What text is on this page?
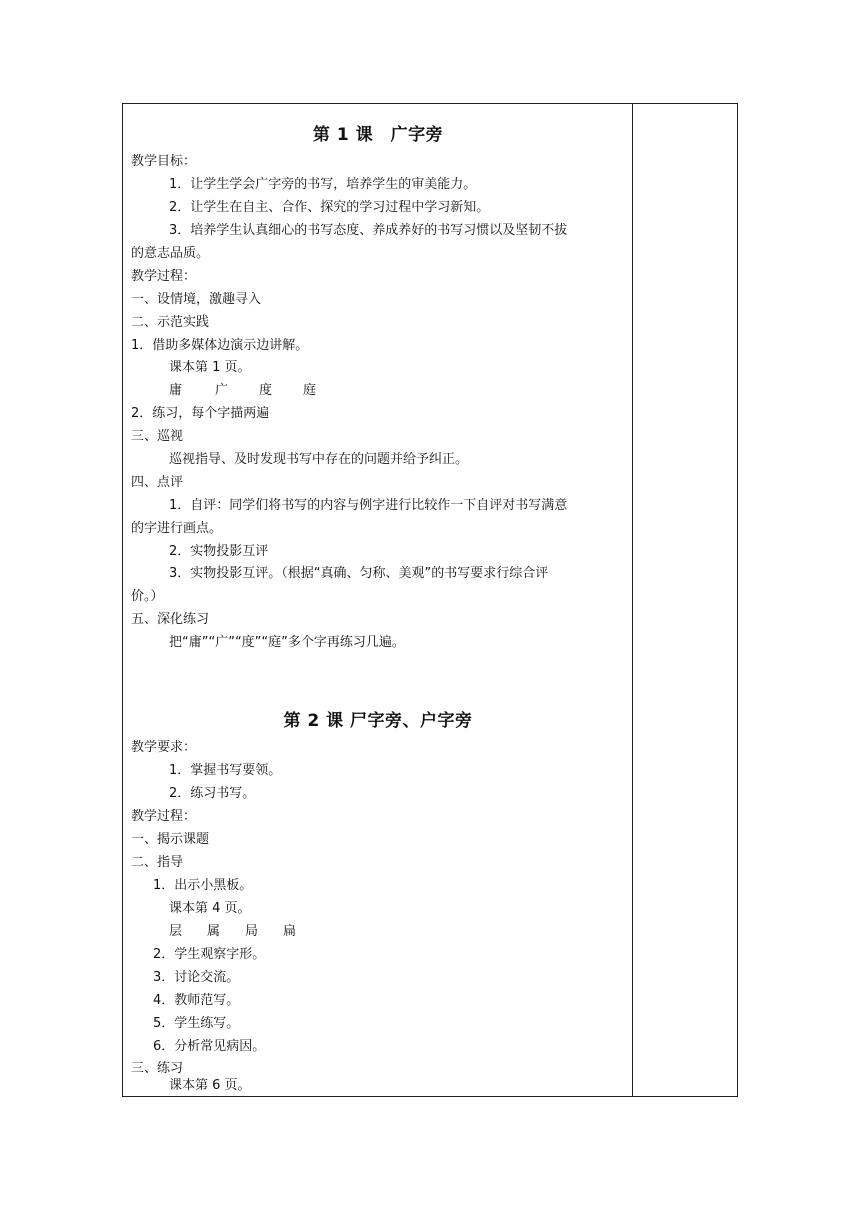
第 1 课　广字旁
教学目标：
1．让学生学会广字旁的书写，培养学生的审美能力。
2．让学生在自主、合作、探究的学习过程中学习新知。
3．培养学生认真细心的书写态度、养成养好的书写习惯以及坚韧不拔
的意志品质。
教学过程：
一、设情境，激趣寻入
二、示范实践
1．借助多媒体边演示边讲解。
课本第 1 页。
庸	广 度 庭
2．练习，每个字描两遍
三、巡视
巡视指导、及时发现书写中存在的问题并给予纠正。
四、点评
1．自评：同学们将书写的内容与例字进行比较作一下自评对书写满意
的字进行画点。
2．实物投影互评
3．实物投影互评。（根据“真确、匀称、美观”的书写要求行综合评
价。）
五、深化练习
把“庸”“广”“度”“庭”多个字再练习几遍。
第 2 课 尸字旁、户字旁
教学要求：
1．掌握书写要领。
2．练习书写。
教学过程：
一、揭示课题
二、指导
1．出示小黑板。
课本第 4 页。
层 属 局 扁
2．学生观察字形。
3．讨论交流。
4．教师范写。
5．学生练写。
6．分析常见病因。
三、练习
课本第 6 页。
